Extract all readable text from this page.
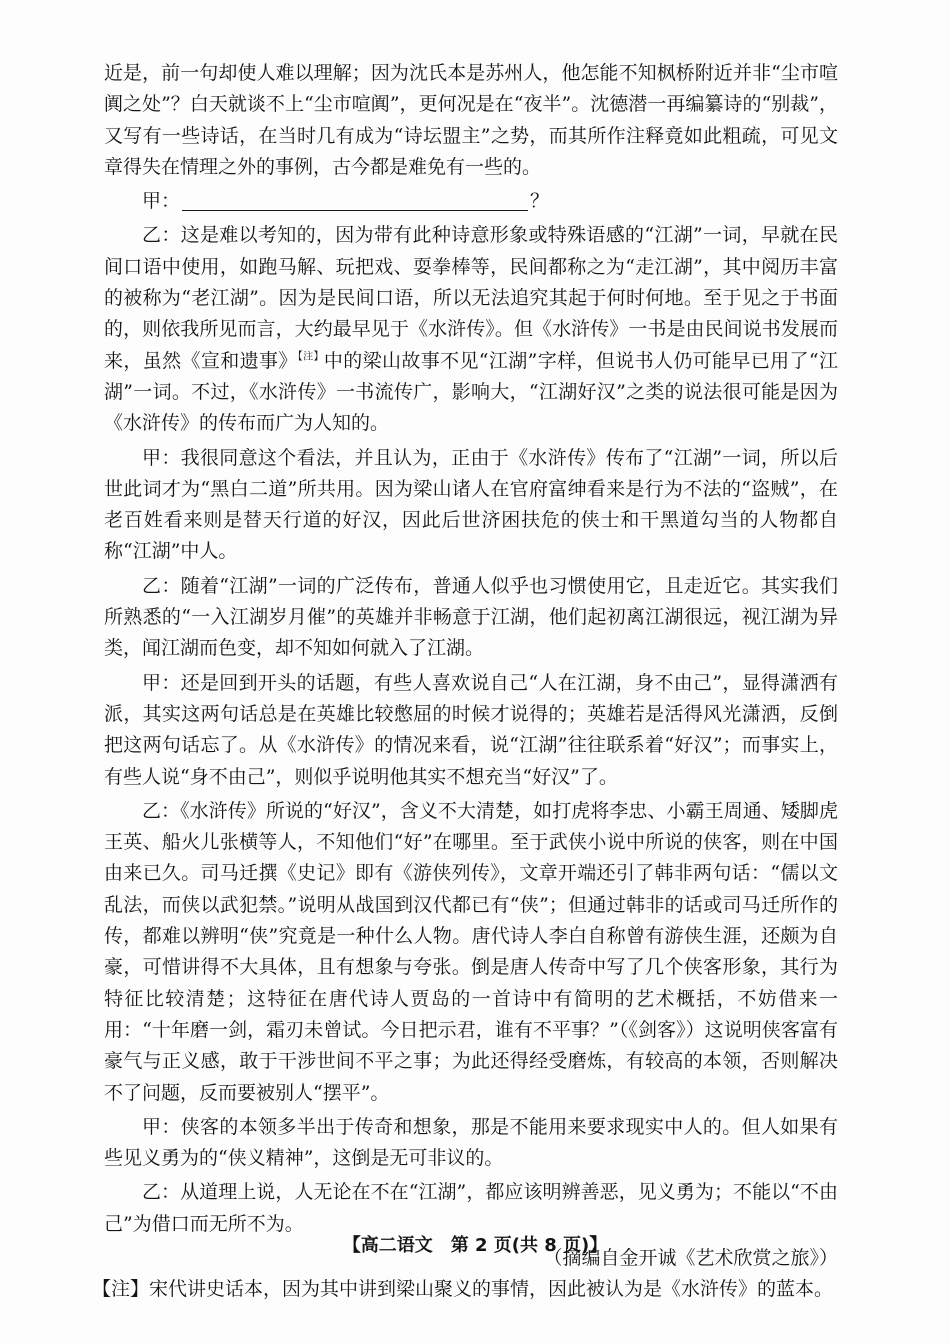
近是，前一句却使人难以理解；因为沈氏本是苏州人，他怎能不知枫桥附近并非“尘市喧阗之处”？白天就谈不上“尘市喧阗”，更何况是在“夜半”。沈德潜一再编纂诗的“别裁”，又写有一些诗话，在当时几有成为“诗坛盟主”之势，而其所作注释竟如此粗疏，可见文章得失在情理之外的事例，古今都是难免有一些的。

甲：	？

乙：这是难以考知的，因为带有此种诗意形象或特殊语感的“江湖”一词，早就在民间口语中使用，如跑马解、玩把戏、耍拳棒等，民间都称之为“走江湖”，其中阅历丰富的被称为“老江湖”。因为是民间口语，所以无法追究其起于何时何地。至于见之于书面的，则依我所见而言，大约最早见于《水浒传》。但《水浒传》一书是由民间说书发展而来，虽然《宣和遗事》$^{【注】}$中的梁山故事不见“江湖”字样，但说书人仍可能早已用了“江湖”一词。不过，《水浒传》一书流传广，影响大，“江湖好汉”之类的说法很可能是因为《水浒传》的传布而广为人知的。

甲：我很同意这个看法，并且认为，正由于《水浒传》传布了“江湖”一词，所以后世此词才为“黑白二道”所共用。因为梁山诸人在官府富绅看来是行为不法的“盗贼”，在老百姓看来则是替天行道的好汉，因此后世济困扶危的侠士和干黑道勾当的人物都自称“江湖”中人。

乙：随着“江湖”一词的广泛传布，普通人似乎也习惯使用它，且走近它。其实我们所熟悉的“一入江湖岁月催”的英雄并非畅意于江湖，他们起初离江湖很远，视江湖为异类，闻江湖而色变，却不知如何就入了江湖。

甲：还是回到开头的话题，有些人喜欢说自己“人在江湖，身不由己”，显得潇洒有派，其实这两句话总是在英雄比较憋屈的时候才说得的；英雄若是活得风光潇洒，反倒把这两句话忘了。从《水浒传》的情况来看，说“江湖”往往联系着“好汉”；而事实上，有些人说“身不由己”，则似乎说明他其实不想充当“好汉”了。

乙：《水浒传》所说的“好汉”，含义不大清楚，如打虎将李忠、小霸王周通、矮脚虎王英、船火儿张横等人，不知他们“好”在哪里。至于武侠小说中所说的侠客，则在中国由来已久。司马迁撰《史记》即有《游侠列传》，文章开端还引了韩非两句话：“儒以文乱法，而侠以武犯禁。”说明从战国到汉代都已有“侠”；但通过韩非的话或司马迁所作的传，都难以辨明“侠”究竟是一种什么人物。唐代诗人李白自称曾有游侠生涯，还颇为自豪，可惜讲得不大具体，且有想象与夸张。倒是唐人传奇中写了几个侠客形象，其行为特征比较清楚；这特征在唐代诗人贾岛的一首诗中有简明的艺术概括，不妨借来一用：“十年磨一剑，霜刃未曾试。今日把示君，谁有不平事？”（《剑客》）这说明侠客富有豪气与正义感，敢于干涉世间不平之事；为此还得经受磨炼，有较高的本领，否则解决不了问题，反而要被别人“摆平”。

甲：侠客的本领多半出于传奇和想象，那是不能用来要求现实中人的。但人如果有些见义勇为的“侠义精神”，这倒是无可非议的。

乙：从道理上说，人无论在不在“江湖”，都应该明辨善恶，见义勇为；不能以“不由己”为借口而无所不为。

（摘编自金开诚《艺术欣赏之旅》）

【注】宋代讲史话本，因为其中讲到梁山聚义的事情，因此被认为是《水浒传》的蓝本。

【高二语文　第 2 页(共 8 页)】
